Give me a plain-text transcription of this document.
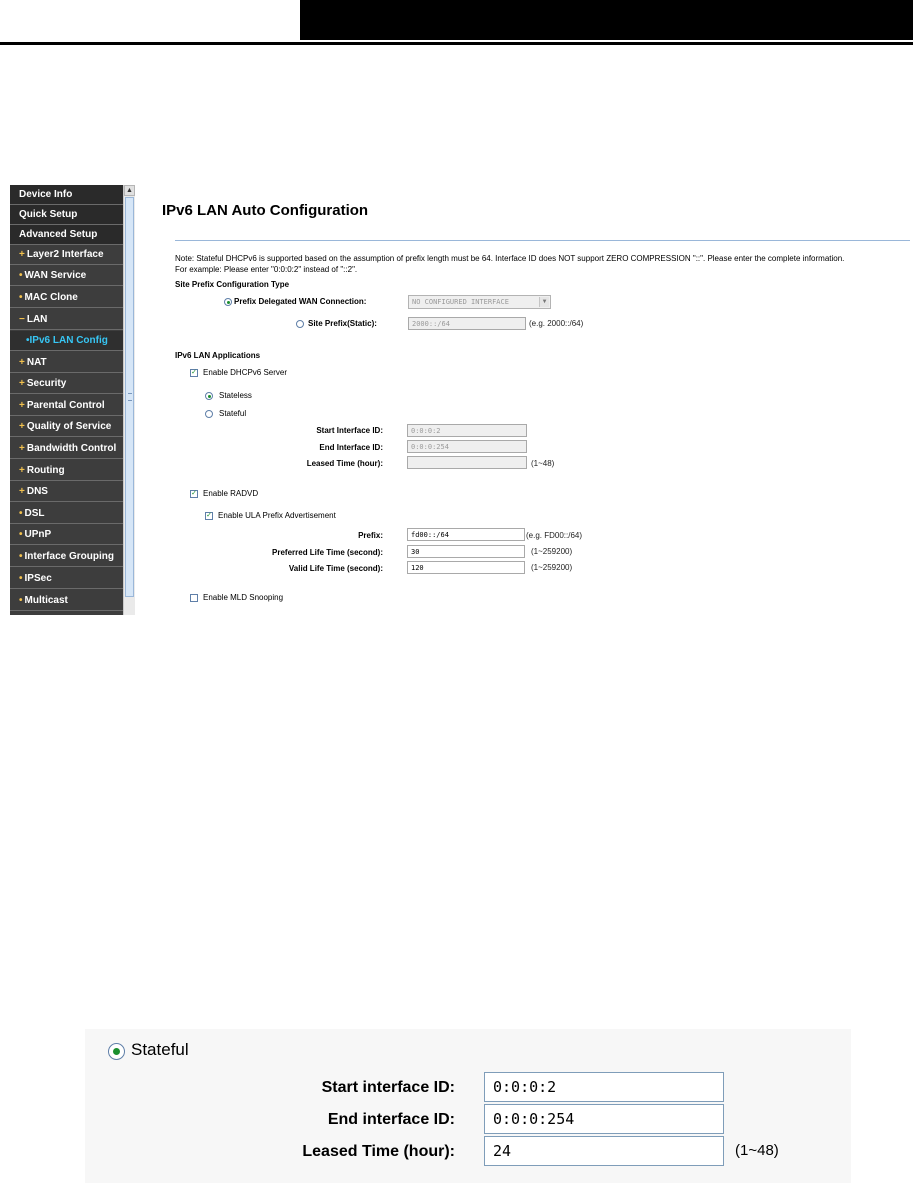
Device Info
Quick Setup
Advanced Setup
+ Layer2 Interface
• WAN Service
• MAC Clone
− LAN
•IPv6 LAN Config
+ NAT
+ Security
+ Parental Control
+ Quality of Service
+ Bandwidth Control
+ Routing
+ DNS
• DSL
• UPnP
• Interface Grouping
• IPSec
• Multicast
▲
IPv6 LAN Auto Configuration
Note: Stateful DHCPv6 is supported based on the assumption of prefix length must be 64. Interface ID does NOT support ZERO COMPRESSION "::". Please enter the complete information.
For example: Please enter "0:0:0:2" instead of "::2".
Site Prefix Configuration Type
Prefix Delegated WAN Connection:	NO CONFIGURED INTERFACE	▼
Site Prefix(Static):
2000::/64	(e.g. 2000::/64)
IPv6 LAN Applications
✓ Enable DHCPv6 Server
Stateless
Stateful
Start Interface ID:
0:0:0:2
End Interface ID:
0:0:0:254
Leased Time (hour):	(1~48)
✓ Enable RADVD
✓ Enable ULA Prefix Advertisement
Prefix:
fd00::/64	(e.g. FD00::/64)
Preferred Life Time (second):
30	(1~259200)
Valid Life Time (second):
120	(1~259200)
Enable MLD Snooping
Stateful
Start interface ID:
0:0:0:2
End interface ID:
0:0:0:254
Leased Time (hour):
24	(1~48)
